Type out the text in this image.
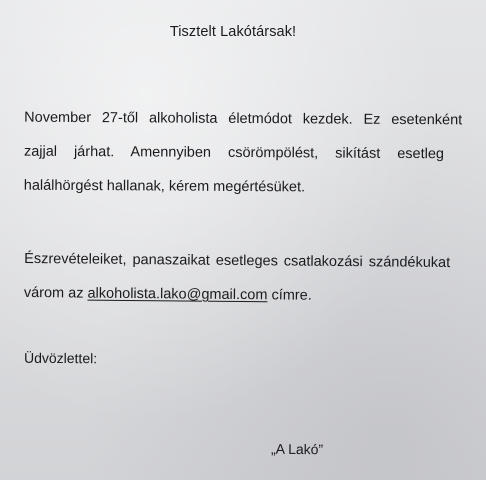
Tisztelt Lakótársak!
November 27-től alkoholista életmódot kezdek. Ez esetenként
zajjal járhat. Amennyiben csörömpölést, sikítást esetleg
halálhörgést hallanak, kérem megértésüket.
Észrevételeiket, panaszaikat esetleges csatlakozási szándékukat
várom az alkoholista.lako@gmail.com címre.
Üdvözlettel:
„A Lakó”
